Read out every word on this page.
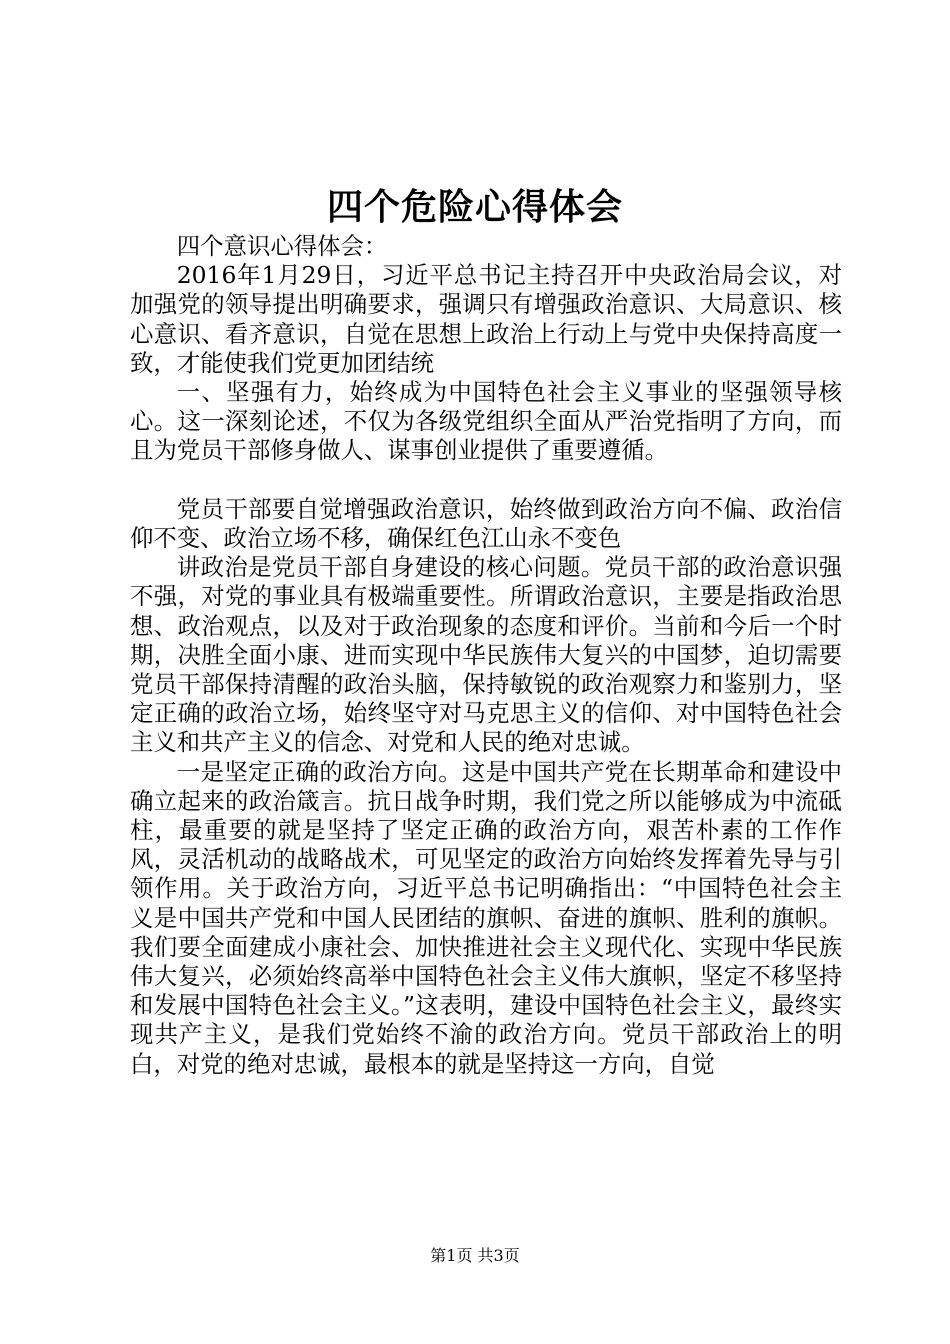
四个危险心得体会

四个意识心得体会：

2016年1月29日，习近平总书记主持召开中央政治局会议，对加强党的领导提出明确要求，强调只有增强政治意识、大局意识、核心意识、看齐意识，自觉在思想上政治上行动上与党中央保持高度一致，才能使我们党更加团结统

一、坚强有力，始终成为中国特色社会主义事业的坚强领导核心。这一深刻论述，不仅为各级党组织全面从严治党指明了方向，而且为党员干部修身做人、谋事创业提供了重要遵循。

党员干部要自觉增强政治意识，始终做到政治方向不偏、政治信仰不变、政治立场不移，确保红色江山永不变色

讲政治是党员干部自身建设的核心问题。党员干部的政治意识强不强，对党的事业具有极端重要性。所谓政治意识，主要是指政治思想、政治观点，以及对于政治现象的态度和评价。当前和今后一个时期，决胜全面小康、进而实现中华民族伟大复兴的中国梦，迫切需要党员干部保持清醒的政治头脑，保持敏锐的政治观察力和鉴别力，坚定正确的政治立场，始终坚守对马克思主义的信仰、对中国特色社会主义和共产主义的信念、对党和人民的绝对忠诚。

一是坚定正确的政治方向。这是中国共产党在长期革命和建设中确立起来的政治箴言。抗日战争时期，我们党之所以能够成为中流砥柱，最重要的就是坚持了坚定正确的政治方向，艰苦朴素的工作作风，灵活机动的战略战术，可见坚定的政治方向始终发挥着先导与引领作用。关于政治方向，习近平总书记明确指出：“中国特色社会主义是中国共产党和中国人民团结的旗帜、奋进的旗帜、胜利的旗帜。我们要全面建成小康社会、加快推进社会主义现代化、实现中华民族伟大复兴，必须始终高举中国特色社会主义伟大旗帜，坚定不移坚持和发展中国特色社会主义。”这表明，建设中国特色社会主义，最终实现共产主义，是我们党始终不渝的政治方向。党员干部政治上的明白，对党的绝对忠诚，最根本的就是坚持这一方向，自觉

第1页 共3页
